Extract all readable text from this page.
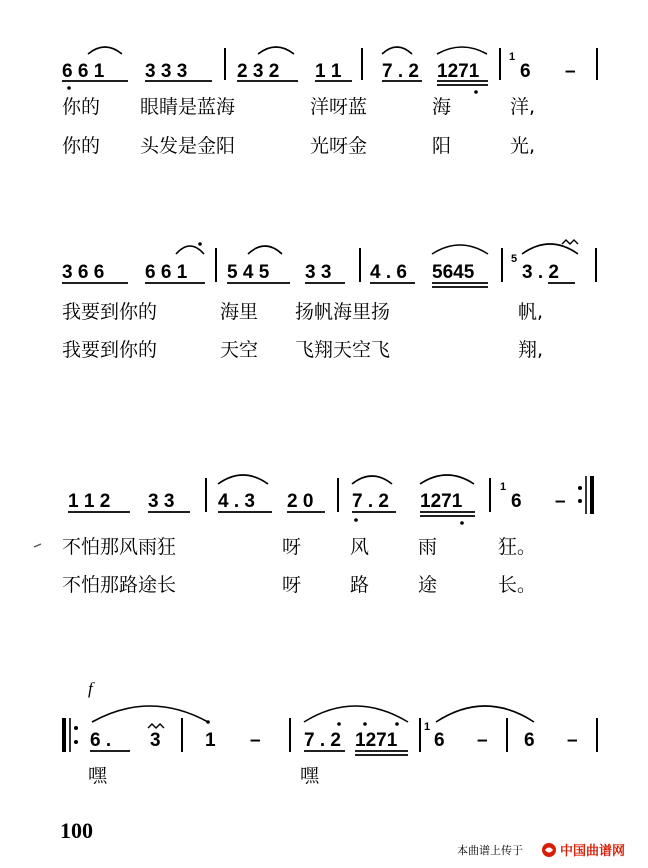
6 6 1 3 3 3	2 3 2 1 1 7 . 2 1271
1
6 –
你的 眼睛是蓝海	洋呀蓝	海	洋,
你的 头发是金阳	光呀金	阳	光,
3 6 6 6 6 1 5 4 5 3 3 4 . 6 5645
5
3 . 2
我要到你的	海里 扬帆海里扬	帆,
我要到你的	天空 飞翔天空飞	翔,
1 1 2 3 3 4 . 3 2 0 7 . 2 1271
1
6 –
不怕那风雨狂	呀	风	雨	狂。
不怕那路途长	呀	路	途	长。
f
6 . 3 1 – 7 . 2 1271
1
6 – 6 –
嘿	嘿
100
本曲谱上传于	中国曲谱网
